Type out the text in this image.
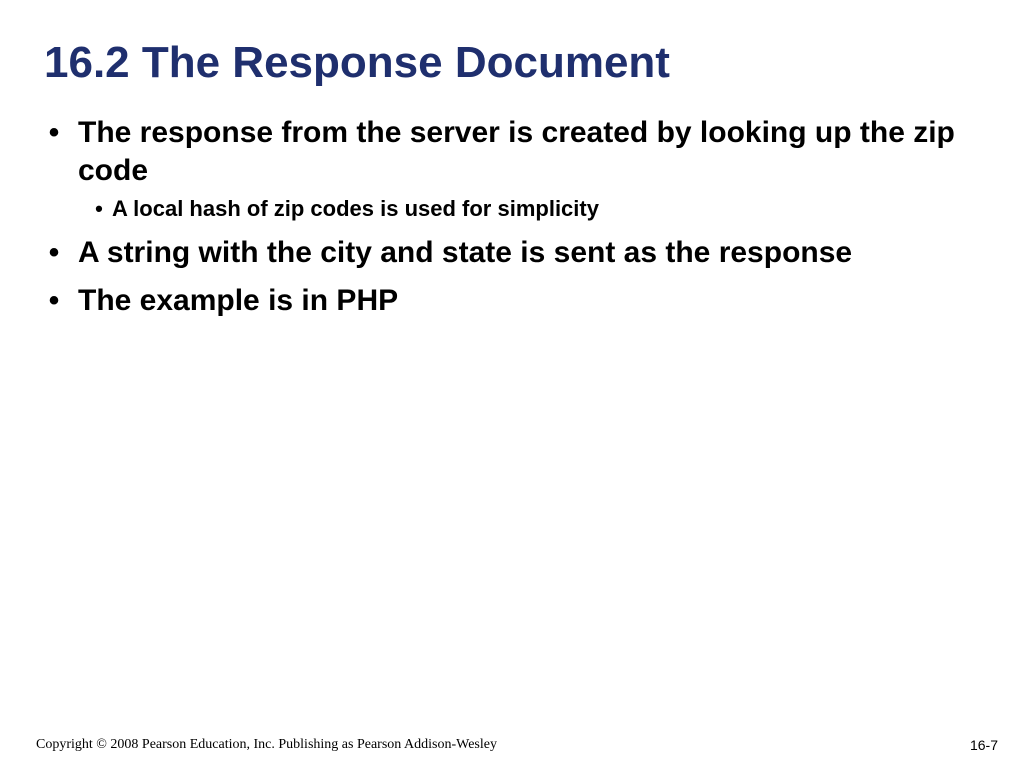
16.2 The Response Document
• The response from the server is created by looking up the zip code
• A local hash of zip codes is used for simplicity
• A string with the city and state is sent as the response
• The example is in PHP
Copyright © 2008 Pearson Education, Inc. Publishing as Pearson Addison-Wesley	16-7
